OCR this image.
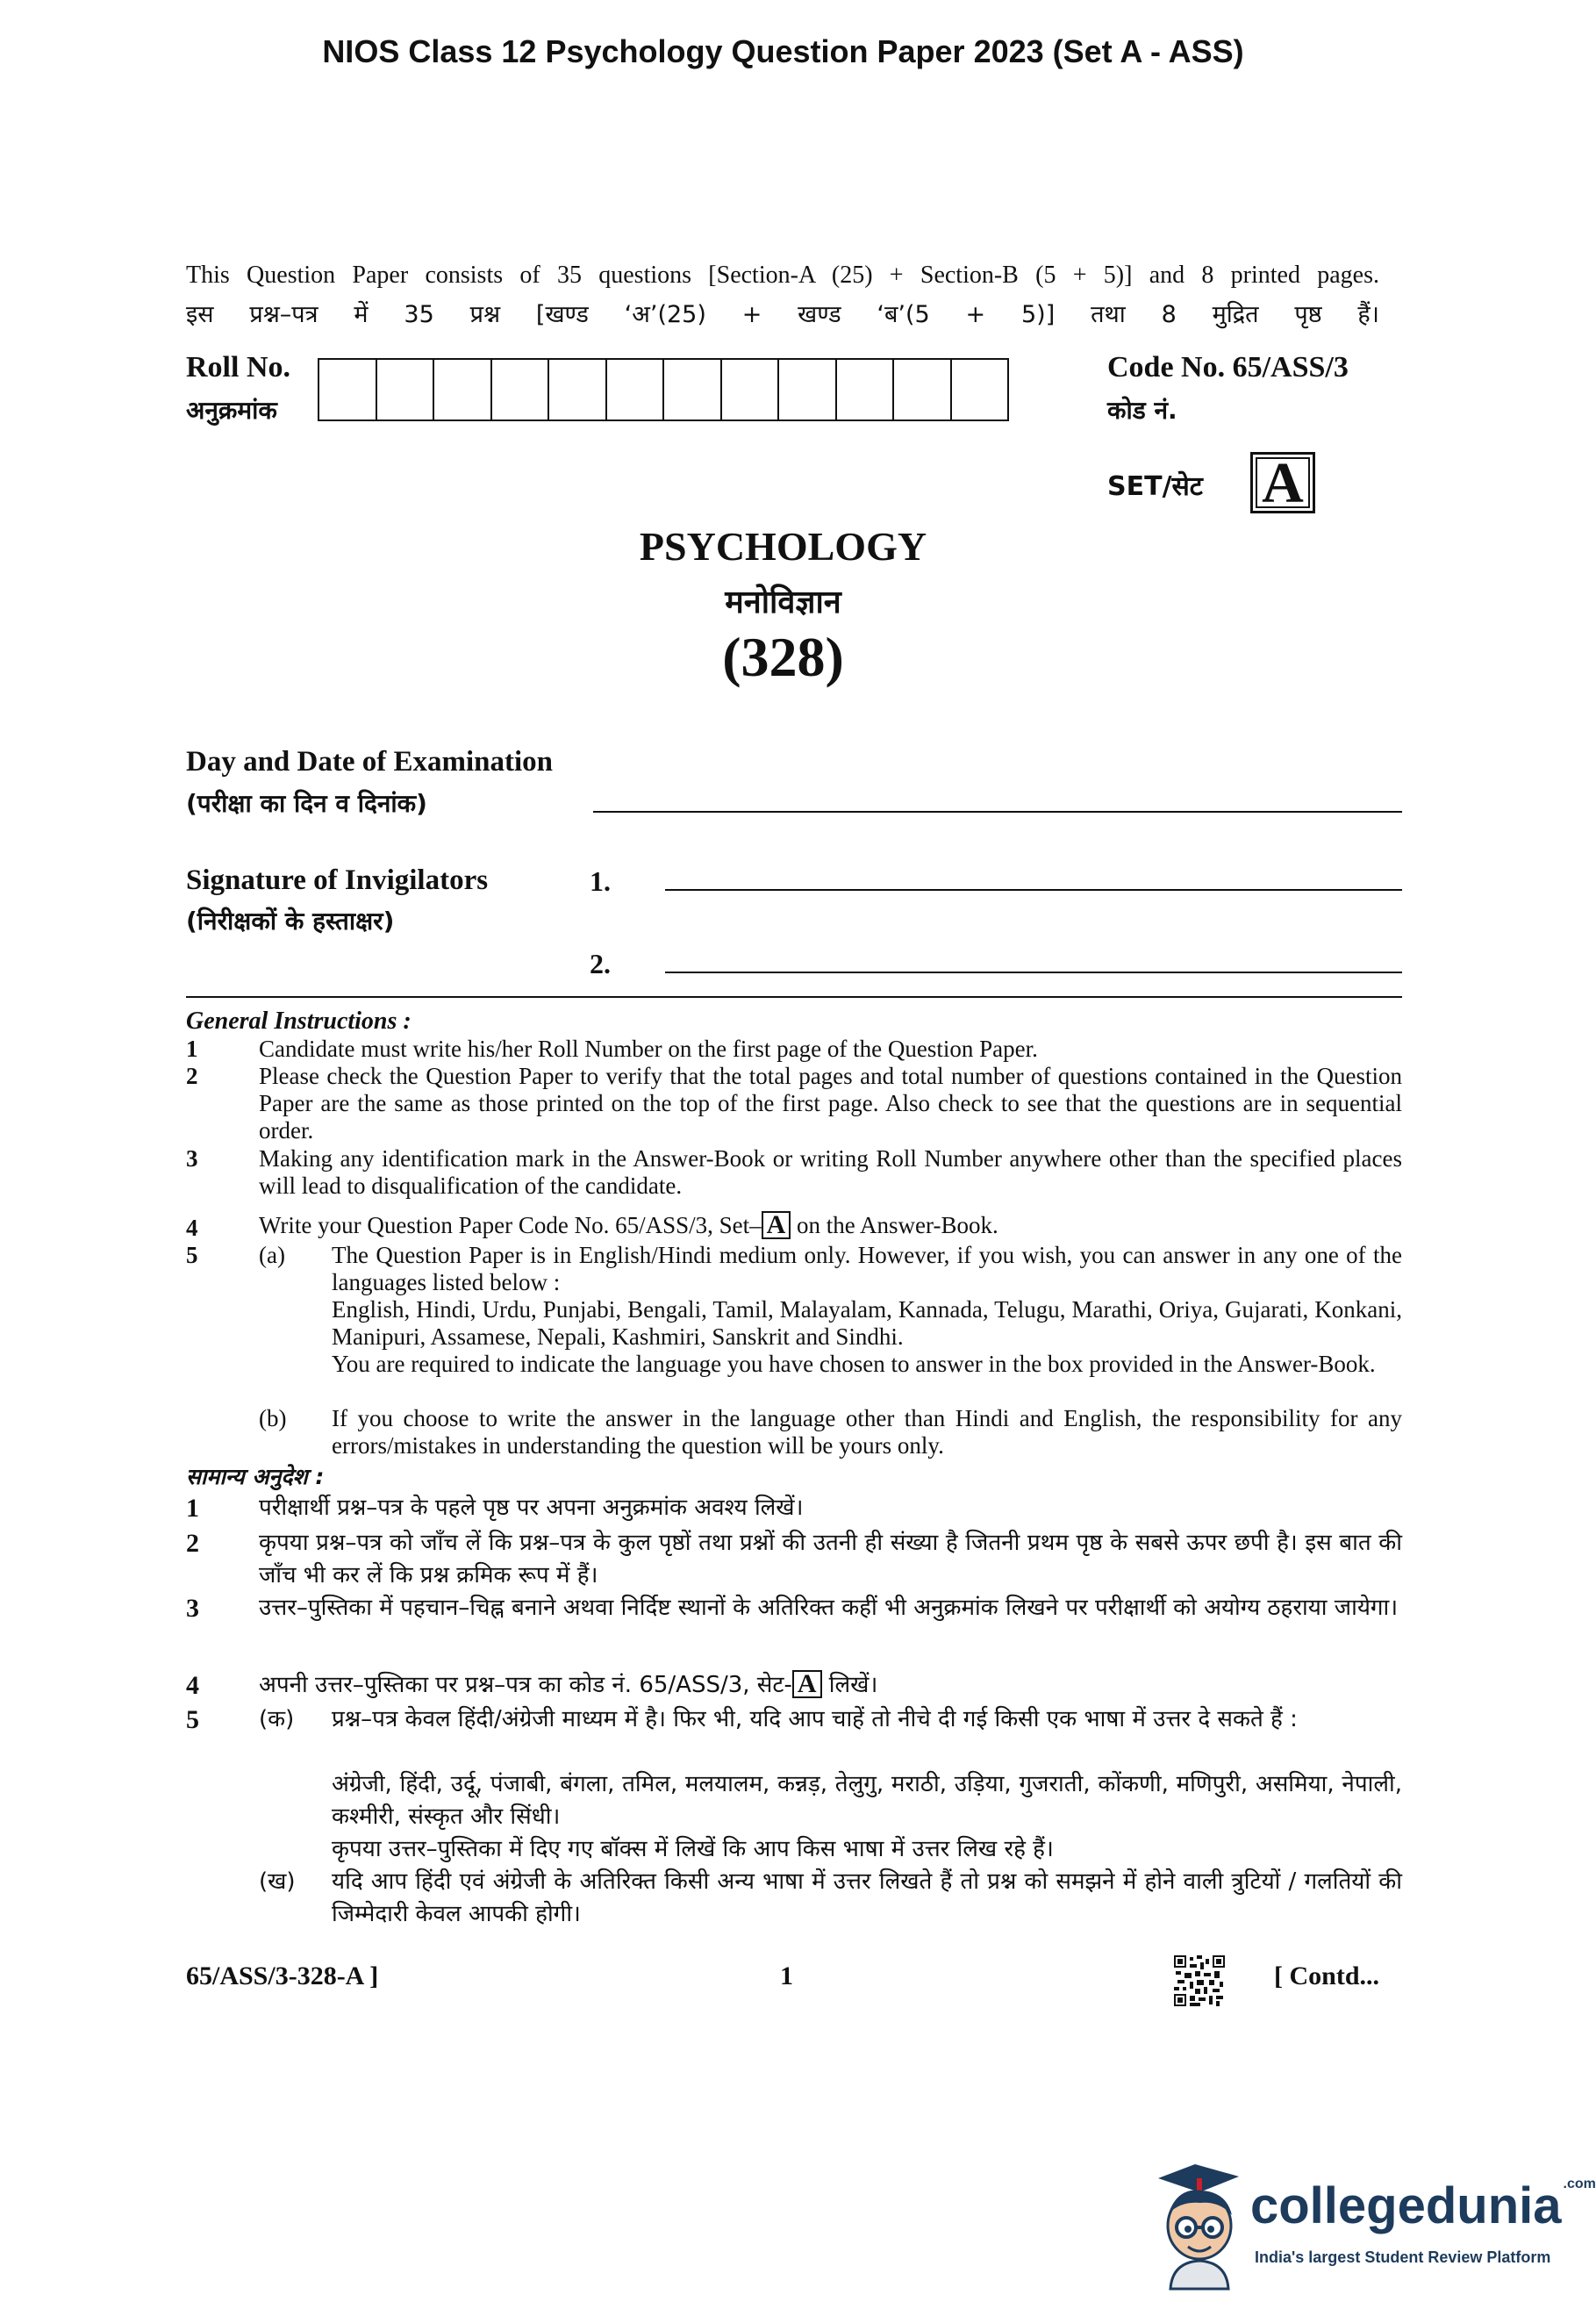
NIOS Class 12 Psychology Question Paper 2023 (Set A - ASS)
This Question Paper consists of 35 questions [Section-A (25) + Section-B (5 + 5)] and 8 printed pages.
इस प्रश्न–पत्र में 35 प्रश्न [खण्ड ‘अ’(25) + खण्ड ‘ब’(5 + 5)] तथा 8 मुद्रित पृष्ठ हैं।
Roll No.
अनुक्रमांक
Code No. 65/ASS/3
कोड नं.
SET/सेट A
PSYCHOLOGY
मनोविज्ञान
(328)
Day and Date of Examination
(परीक्षा का दिन व दिनांक)
Signature of Invigilators
(निरीक्षकों के हस्ताक्षर)
1.
2.
General Instructions :
1	Candidate must write his/her Roll Number on the first page of the Question Paper.
2	Please check the Question Paper to verify that the total pages and total number of questions contained in the Question Paper are the same as those printed on the top of the first page. Also check to see that the questions are in sequential order.
3	Making any identification mark in the Answer-Book or writing Roll Number anywhere other than the specified places will lead to disqualification of the candidate.
4	Write your Question Paper Code No. 65/ASS/3, Set– A on the Answer-Book.
5	(a) The Question Paper is in English/Hindi medium only. However, if you wish, you can answer in any one of the languages listed below :
English, Hindi, Urdu, Punjabi, Bengali, Tamil, Malayalam, Kannada, Telugu, Marathi, Oriya, Gujarati, Konkani, Manipuri, Assamese, Nepali, Kashmiri, Sanskrit and Sindhi.
You are required to indicate the language you have chosen to answer in the box provided in the Answer-Book.
(b) If you choose to write the answer in the language other than Hindi and English, the responsibility for any errors/mistakes in understanding the question will be yours only.
सामान्य अनुदेश :
1	परीक्षार्थी प्रश्न–पत्र के पहले पृष्ठ पर अपना अनुक्रमांक अवश्य लिखें।
2	कृपया प्रश्न–पत्र को जाँच लें कि प्रश्न–पत्र के कुल पृष्ठों तथा प्रश्नों की उतनी ही संख्या है जितनी प्रथम पृष्ठ के सबसे ऊपर छपी है। इस बात की जाँच भी कर लें कि प्रश्न क्रमिक रूप में हैं।
3	उत्तर–पुस्तिका में पहचान–चिह्न बनाने अथवा निर्दिष्ट स्थानों के अतिरिक्त कहीं भी अनुक्रमांक लिखने पर परीक्षार्थी को अयोग्य ठहराया जायेगा।
4	अपनी उत्तर–पुस्तिका पर प्रश्न–पत्र का कोड नं. 65/ASS/3, सेट- A लिखें।
5	(क) प्रश्न–पत्र केवल हिंदी/अंग्रेजी माध्यम में है। फिर भी, यदि आप चाहें तो नीचे दी गई किसी एक भाषा में उत्तर दे सकते हैं :
अंग्रेजी, हिंदी, उर्दू, पंजाबी, बंगला, तमिल, मलयालम, कन्नड़, तेलुगु, मराठी, उड़िया, गुजराती, कोंकणी, मणिपुरी, असमिया, नेपाली, कश्मीरी, संस्कृत और सिंधी।
कृपया उत्तर–पुस्तिका में दिए गए बॉक्स में लिखें कि आप किस भाषा में उत्तर लिख रहे हैं।
(ख) यदि आप हिंदी एवं अंग्रेजी के अतिरिक्त किसी अन्य भाषा में उत्तर लिखते हैं तो प्रश्न को समझने में होने वाली त्रुटियों / गलतियों की जिम्मेदारी केवल आपकी होगी।
65/ASS/3-328-A ]	1	[ Contd...
collegedunia $^{.com}$
India's largest Student Review Platform
